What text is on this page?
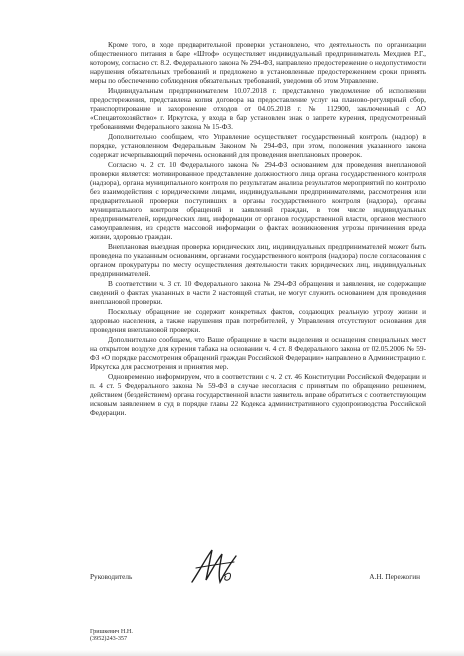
Кроме того, в ходе предварительной проверки установлено, что деятельность по организации общественного питания в баре «Штоф» осуществляет индивидуальный предприниматель Мехдиев Р.Г., которому, согласно ст. 8.2. Федерального закона № 294-ФЗ, направлено предостережение о недопустимости нарушения обязательных требований и предложено в установленные предостережением сроки принять меры по обеспечению соблюдения обязательных требований, уведомив об этом Управление.

Индивидуальным предпринимателем 10.07.2018 г. представлено уведомление об исполнении предостережения, представлена копия договора на предоставление услуг на планово-регулярный сбор, транспортирование и захоронение отходов от 04.05.2018 г. № 112900, заключенный с АО «Спецавтохозяйство» г. Иркутска, у входа в бар установлен знак о запрете курения, предусмотренный требованиями Федерального закона № 15-ФЗ.

Дополнительно сообщаем, что Управление осуществляет государственный контроль (надзор) в порядке, установленном Федеральным Законом № 294-ФЗ, при этом, положения указанного закона содержат исчерпывающий перечень оснований для проведения внеплановых проверок.

Согласно ч. 2 ст. 10 Федерального закона № 294-ФЗ основанием для проведения внеплановой проверки является: мотивированное представление должностного лица органа государственного контроля (надзора), органа муниципального контроля по результатам анализа результатов мероприятий по контролю без взаимодействия с юридическими лицами, индивидуальными предпринимателями, рассмотрения или предварительной проверки поступивших в органы государственного контроля (надзора), органы муниципального контроля обращений и заявлений граждан, в том числе индивидуальных предпринимателей, юридических лиц, информации от органов государственной власти, органов местного самоуправления, из средств массовой информации о фактах возникновения угрозы причинения вреда жизни, здоровью граждан.

Внеплановая выездная проверка юридических лиц, индивидуальных предпринимателей может быть проведена по указанным основаниям, органами государственного контроля (надзора) после согласования с органом прокуратуры по месту осуществления деятельности таких юридических лиц, индивидуальных предпринимателей.

В соответствии ч. 3 ст. 10 Федерального закона № 294-ФЗ обращения и заявления, не содержащие сведений о фактах указанных в части 2 настоящей статьи, не могут служить основанием для проведения внеплановой проверки.

Поскольку обращение не содержит конкретных фактов, создающих реальную угрозу жизни и здоровью населения, а также нарушения прав потребителей, у Управления отсутствуют основания для проведения внеплановой проверки.

Дополнительно сообщаем, что Ваше обращение в части выделения и оснащения специальных мест на открытом воздухе для курения табака на основании ч. 4 ст. 8 Федерального закона от 02.05.2006 № 59-ФЗ «О порядке рассмотрения обращений граждан Российской Федерации» направлено в Администрацию г. Иркутска для рассмотрения и принятия мер.

Одновременно информируем, что в соответствии с ч. 2 ст. 46 Конституции Российской Федерации и п. 4 ст. 5 Федерального закона № 59-ФЗ в случае несогласия с принятым по обращению решением, действием (бездействием) органа государственной власти заявитель вправе обратиться с соответствующим исковым заявлением в суд в порядке главы 22 Кодекса административного судопроизводства Российской Федерации.

Руководитель	А.Н. Пережогин
Гришкевич Н.Н.
(3952)243-357
